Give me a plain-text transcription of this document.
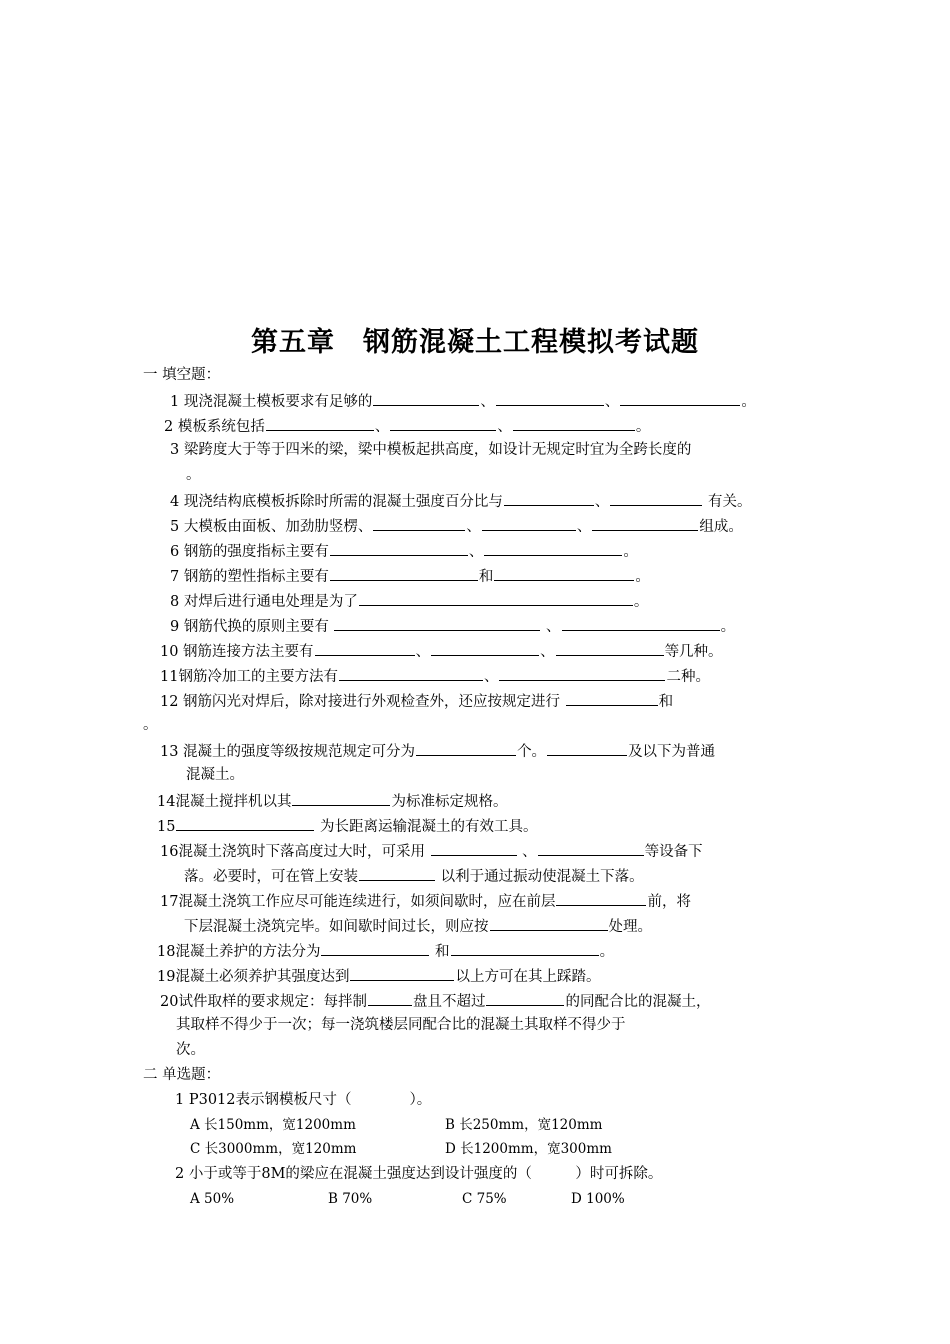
第五章　钢筋混凝土工程模拟考试题
一 填空题：
1 现浇混凝土模板要求有足够的	、	、	。
2 模板系统包括	、	、	。
3 梁跨度大于等于四米的梁，梁中模板起拱高度，如设计无规定时宜为全跨长度的
。
4 现浇结构底模板拆除时所需的混凝土强度百分比与	、	有关。
5 大模板由面板、加劲肋竖楞、	、	、	组成。
6 钢筋的强度指标主要有	、	。
7 钢筋的塑性指标主要有	和	。
8 对焊后进行通电处理是为了	。
9 钢筋代换的原则主要有	、	。
10 钢筋连接方法主要有	、	、	等几种。
11钢筋冷加工的主要方法有	、	二种。
12 钢筋闪光对焊后，除对接进行外观检查外，还应按规定进行	和
。
13 混凝土的强度等级按规范规定可分为	个。	及以下为普通
混凝土。
14混凝土搅拌机以其	为标准标定规格。
15	为长距离运输混凝土的有效工具。
16混凝土浇筑时下落高度过大时，可采用	、	等设备下
落。必要时，可在管上安装	以利于通过振动使混凝土下落。
17混凝土浇筑工作应尽可能连续进行，如须间歇时，应在前层	前，将
下层混凝土浇筑完毕。如间歇时间过长，则应按	处理。
18混凝土养护的方法分为	和	。
19混凝土必须养护其强度达到	以上方可在其上踩踏。
20试件取样的要求规定：每拌制	盘且不超过	的同配合比的混凝土，
其取样不得少于一次；每一浇筑楼层同配合比的混凝土其取样不得少于
次。
二 单选题：
1 P3012表示钢模板尺寸（　　　　）。
A 长150mm，宽1200mm	B 长250mm，宽120mm
C 长3000mm，宽120mm	D 长1200mm，宽300mm
2 小于或等于8M的梁应在混凝土强度达到设计强度的（　　　）时可拆除。
A 50%	B 70%	C 75%	D 100%
